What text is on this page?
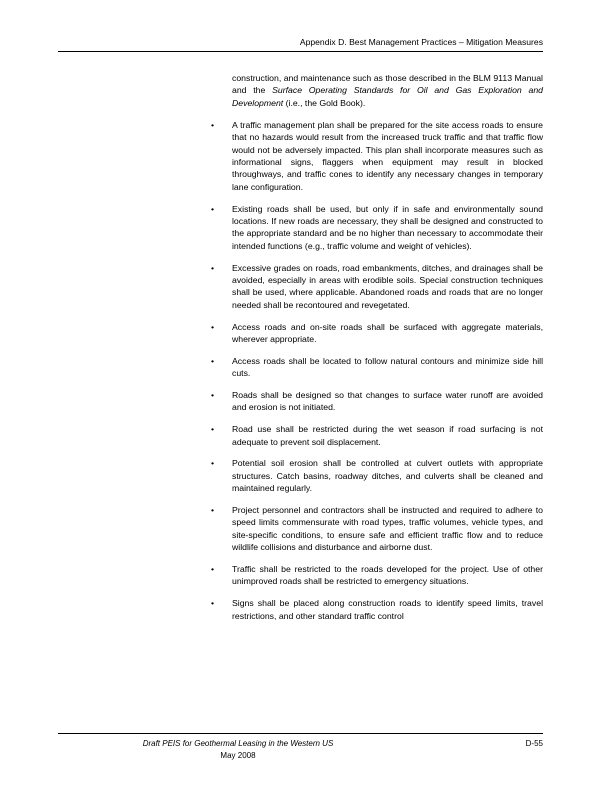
Appendix D. Best Management Practices – Mitigation Measures

construction, and maintenance such as those described in the BLM 9113 Manual and the Surface Operating Standards for Oil and Gas Exploration and Development (i.e., the Gold Book).

• A traffic management plan shall be prepared for the site access roads to ensure that no hazards would result from the increased truck traffic and that traffic flow would not be adversely impacted. This plan shall incorporate measures such as informational signs, flaggers when equipment may result in blocked throughways, and traffic cones to identify any necessary changes in temporary lane configuration.
• Existing roads shall be used, but only if in safe and environmentally sound locations. If new roads are necessary, they shall be designed and constructed to the appropriate standard and be no higher than necessary to accommodate their intended functions (e.g., traffic volume and weight of vehicles).
• Excessive grades on roads, road embankments, ditches, and drainages shall be avoided, especially in areas with erodible soils. Special construction techniques shall be used, where applicable. Abandoned roads and roads that are no longer needed shall be recontoured and revegetated.
• Access roads and on-site roads shall be surfaced with aggregate materials, wherever appropriate.
• Access roads shall be located to follow natural contours and minimize side hill cuts.
• Roads shall be designed so that changes to surface water runoff are avoided and erosion is not initiated.
• Road use shall be restricted during the wet season if road surfacing is not adequate to prevent soil displacement.
• Potential soil erosion shall be controlled at culvert outlets with appropriate structures. Catch basins, roadway ditches, and culverts shall be cleaned and maintained regularly.
• Project personnel and contractors shall be instructed and required to adhere to speed limits commensurate with road types, traffic volumes, vehicle types, and site-specific conditions, to ensure safe and efficient traffic flow and to reduce wildlife collisions and disturbance and airborne dust.
• Traffic shall be restricted to the roads developed for the project. Use of other unimproved roads shall be restricted to emergency situations.
• Signs shall be placed along construction roads to identify speed limits, travel restrictions, and other standard traffic control
Draft PEIS for Geothermal Leasing in the Western US
May 2008
D-55
